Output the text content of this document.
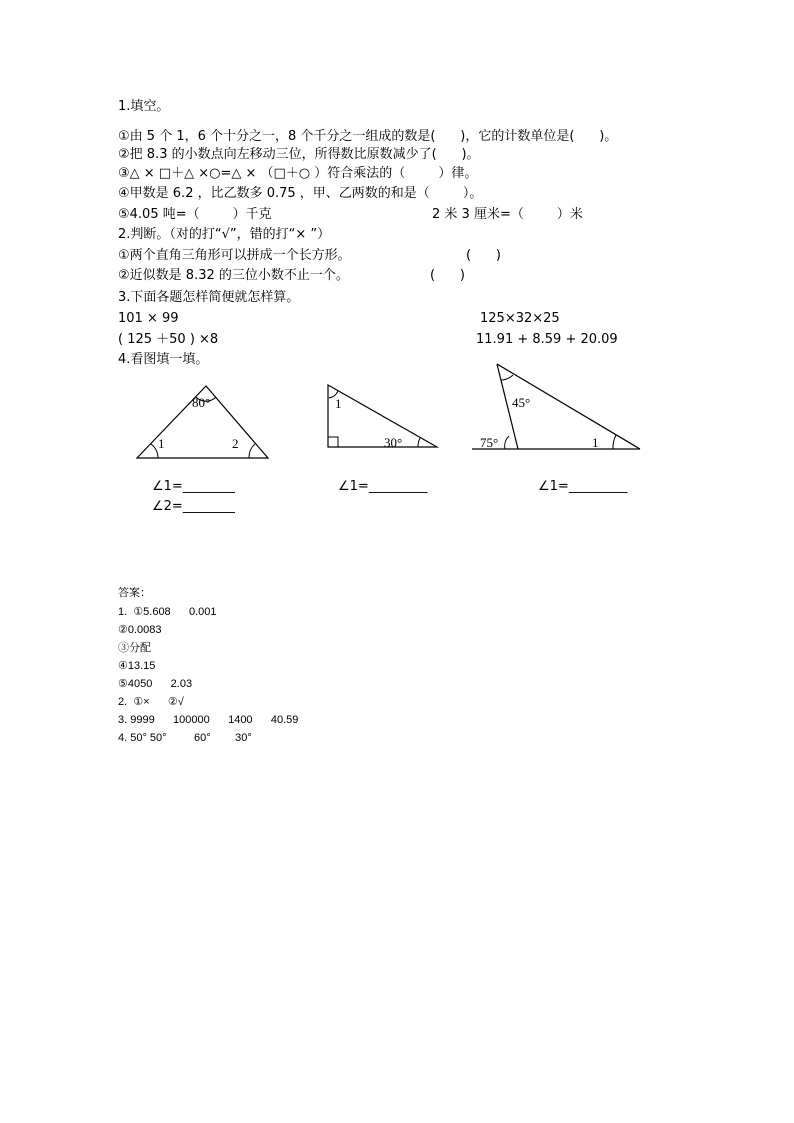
1.填空。
①由 5 个 1，6 个十分之一，8 个千分之一组成的数是(      )，它的计数单位是(      )。
②把 8.3 的小数点向左移动三位，所得数比原数减少了(      )。
③△ × □＋△ ×○=△ × （□＋○ ）符合乘法的（        ）律。
④甲数是 6.2 ，比乙数多 0.75 ，甲、乙两数的和是（        ）。
⑤4.05 吨=（        ）千克	2 米 3 厘米=（        ）米
2.判断。（对的打“√”，错的打“× ”）
①两个直角三角形可以拼成一个长方形。	(      )
②近似数是 8.32 的三位小数不止一个。	(      )
3.下面各题怎样简便就怎样算。
101 × 99	125×32×25
( 125 ＋50 ) ×8	11.91 + 8.59 + 20.09
4.看图填一填。
80°
1	2
∠1=________
∠2=________
1
30°
∠1=_________
45°
75°	1
∠1=_________
答案：
1.  ①5.608      0.001
②0.0083
③分配
④13.15
⑤4050      2.03
2.  ①×      ②√
3. 9999      100000      1400      40.59
4. 50° 50°         60°        30°
